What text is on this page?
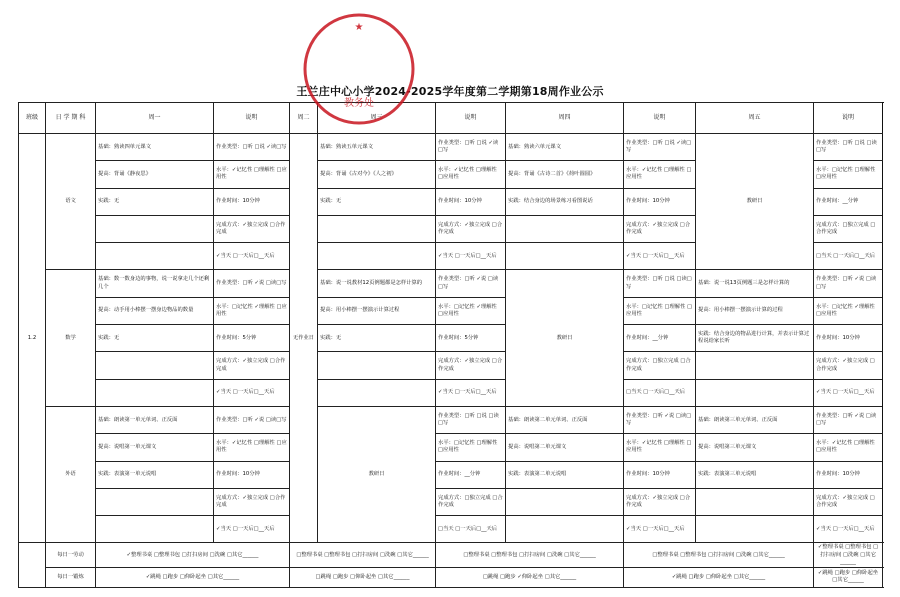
王兰庄中心小学2024-2025学年度第二学期第18周作业公示
班级	日 学 期 科	周一	说明	周二	周三	说明	周四	说明	周五	说明
1.2	语文	基础：熟读四单元课文	作业类型：□听 □说 ✓读□写	无作业日	基础：熟读五单元课文	作业类型：□听 □说 ✓读□写	基础：熟读六单元课文	作业类型：□听 □说 ✓读□写	教研日	作业类型：□听 □说 □读□写
		提高：背诵《静夜思》	水平：✓记忆性 □理解性 □应用性		提高：背诵《古对今》《人之初》	水平：✓记忆性 □理解性 □应用性	提高：背诵《古诗二首》《荷叶圆圆》	水平：✓记忆性 □理解性 □应用性		水平：□记忆性 □理解性 □应用性
		实践：无	作业时间：10分钟		实践：无	作业时间：10分钟	实践：结合身边的场景练习看图说话	作业时间：10分钟		作业时间：__分钟
			完成方式：✓独立完成 □合作完成			完成方式：✓独立完成 □合作完成		完成方式：✓独立完成 □合作完成		完成方式：□独立完成 □合作完成
			✓当天 □一天后□__天后			✓当天 □一天后□__天后		✓当天 □一天后□__天后		□当天 □一天后□__天后
	数学	基础：数一数身边的事物，说一说拿走几个还剩几个	作业类型：□听 ✓说 □读□写		基础：说一说教材12页例题都是怎样计算的	作业类型：□听 ✓说 □读□写	教研日	作业类型：□听 □说 □读□写	基础：说一说13页例题三是怎样计算的	作业类型：□听 ✓说 □读 □写
		提高：动手用小棒摆一摆身边物品的数量	水平：□记忆性 ✓理解性 □应用性		提高：用小棒摆一摆演示计算过程	水平：□记忆性 ✓理解性 □应用性		水平：□记忆性 □理解性 □应用性	提高：用小棒摆一摆演示计算的过程	水平：□记忆性 ✓理解性 □应用性
		实践：无	作业时间：5分钟		实践：无	作业时间：5分钟		作业时间：__分钟	实践：结合身边的物品进行计算，并表示计算过程说给家长听	作业时间：10分钟
			完成方式：✓独立完成 □合作完成			完成方式：✓独立完成 □合作完成		完成方式：□独立完成 □合作完成		完成方式：✓独立完成 □合作完成
			✓当天 □一天后□__天后			✓当天 □一天后□__天后		□当天 □一天后□__天后		✓当天 □一天后□__天后
	外语	基础：朗读第一单元单词、正反面	作业类型：□听 ✓说 □读□写		教研日	作业类型：□听 □说 □读□写	基础：朗读第二单元单词、正反面	作业类型：□听 ✓说 □读□写	基础：朗读第三单元单词、正反面	作业类型：□听 ✓说 □读□写
		提高：说唱第一单元课文	水平：✓记忆性 □理解性 □应用性			水平：□记忆性 □理解性 □应用性	提高：说唱第二单元课文	水平：✓记忆性 □理解性 □应用性	提高：说唱第三单元课文	水平：✓记忆性 □理解性 □应用性
		实践：表演第一单元说唱	作业时间：10分钟			作业时间：__分钟	实践：表演第二单元说唱	作业时间：10分钟	实践：表演第三单元说唱	作业时间：10分钟
			完成方式：✓独立完成 □合作完成			完成方式：□独立完成 □合作完成		完成方式：✓独立完成 □合作完成		完成方式：✓独立完成 □合作完成
			✓当天 □一天后□__天后			□当天 □一天后□__天后		✓当天 □一天后□__天后		✓当天 □一天后□__天后
	每日一劳动	✓整理书桌 □整理书包 □打扫房间 □洗碗 □其它______		□整理书桌 □整理书包 □打扫房间 □洗碗 □其它______		□整理书桌 □整理书包 □打扫房间 □洗碗 □其它______		□整理书桌 □整理书包 □打扫房间 □洗碗 □其它______		✓整理书桌 □整理书包 □打扫房间 □洗碗 □其它______
	每日一锻炼	✓跳绳 □跑步 □仰卧起坐 □其它______		□跳绳 □跑步 □仰卧起坐 □其它______		□跳绳 □跑步 ✓仰卧起坐 □其它______		✓跳绳 □跑步 □仰卧起坐 □其它______		✓跳绳 □跑步 □仰卧起坐 □其它______
★
教务处
